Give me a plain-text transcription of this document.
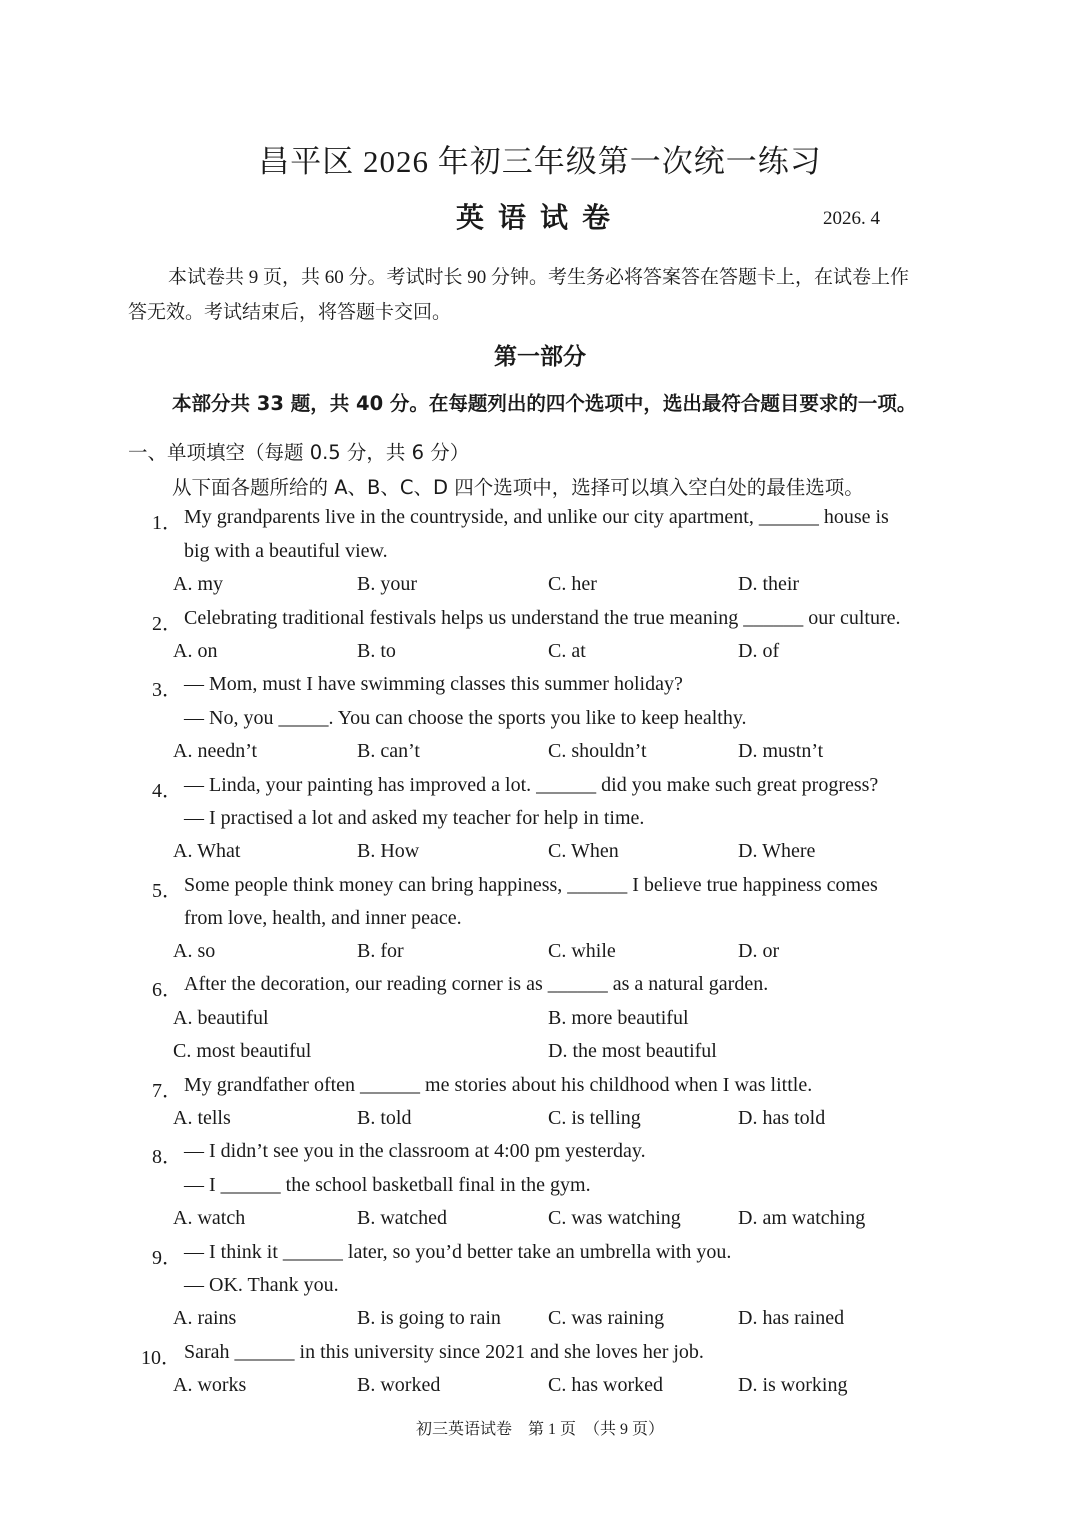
昌平区 2026 年初三年级第一次统一练习
英语试卷	2026. 4
本试卷共 9 页，共 60 分。考试时长 90 分钟。考生务必将答案答在答题卡上，在试卷上作
答无效。考试结束后，将答题卡交回。
第一部分
本部分共 33 题，共 40 分。在每题列出的四个选项中，选出最符合题目要求的一项。
一、单项填空（每题 0.5 分，共 6 分）
从下面各题所给的 A、B、C、D 四个选项中，选择可以填入空白处的最佳选项。
1． My grandparents live in the countryside, and unlike our city apartment, ______ house is
big with a beautiful view.
A. my	B. your	C. her	D. their
2． Celebrating traditional festivals helps us understand the true meaning ______ our culture.
A. on	B. to	C. at	D. of
3． — Mom, must I have swimming classes this summer holiday?
— No, you _____. You can choose the sports you like to keep healthy.
A. needn’t	B. can’t	C. shouldn’t	D. mustn’t
4． — Linda, your painting has improved a lot. ______ did you make such great progress?
— I practised a lot and asked my teacher for help in time.
A. What	B. How	C. When	D. Where
5． Some people think money can bring happiness, ______ I believe true happiness comes
from love, health, and inner peace.
A. so	B. for	C. while	D. or
6． After the decoration, our reading corner is as ______ as a natural garden.
A. beautiful	B. more beautiful
C. most beautiful	D. the most beautiful
7． My grandfather often ______ me stories about his childhood when I was little.
A. tells	B. told	C. is telling	D. has told
8． — I didn’t see you in the classroom at 4:00 pm yesterday.
— I ______ the school basketball final in the gym.
A. watch	B. watched	C. was watching	D. am watching
9． — I think it ______ later, so you’d better take an umbrella with you.
— OK. Thank you.
A. rains	B. is going to rain C. was raining	D. has rained
10． Sarah ______ in this university since 2021 and she loves her job.
A. works	B. worked	C. has worked	D. is working
初三英语试卷　第 1 页　（共 9 页）
